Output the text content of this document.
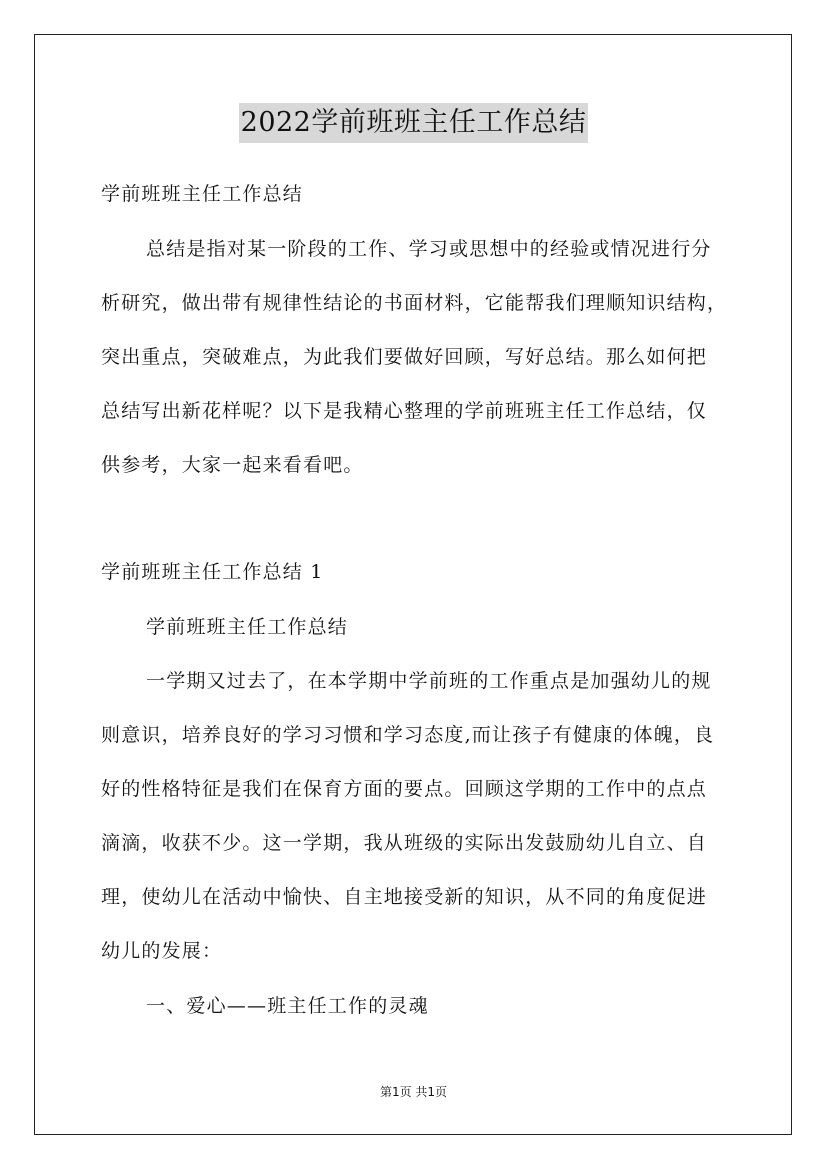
2022学前班班主任工作总结
学前班班主任工作总结
总结是指对某一阶段的工作、学习或思想中的经验或情况进行分
析研究，做出带有规律性结论的书面材料，它能帮我们理顺知识结构，
突出重点，突破难点，为此我们要做好回顾，写好总结。那么如何把
总结写出新花样呢？以下是我精心整理的学前班班主任工作总结，仅
供参考，大家一起来看看吧。
学前班班主任工作总结 1
学前班班主任工作总结
一学期又过去了，在本学期中学前班的工作重点是加强幼儿的规
则意识，培养良好的学习习惯和学习态度,而让孩子有健康的体魄，良
好的性格特征是我们在保育方面的要点。回顾这学期的工作中的点点
滴滴，收获不少。这一学期，我从班级的实际出发鼓励幼儿自立、自
理，使幼儿在活动中愉快、自主地接受新的知识，从不同的角度促进
幼儿的发展：
一、爱心——班主任工作的灵魂
第1页 共1页
